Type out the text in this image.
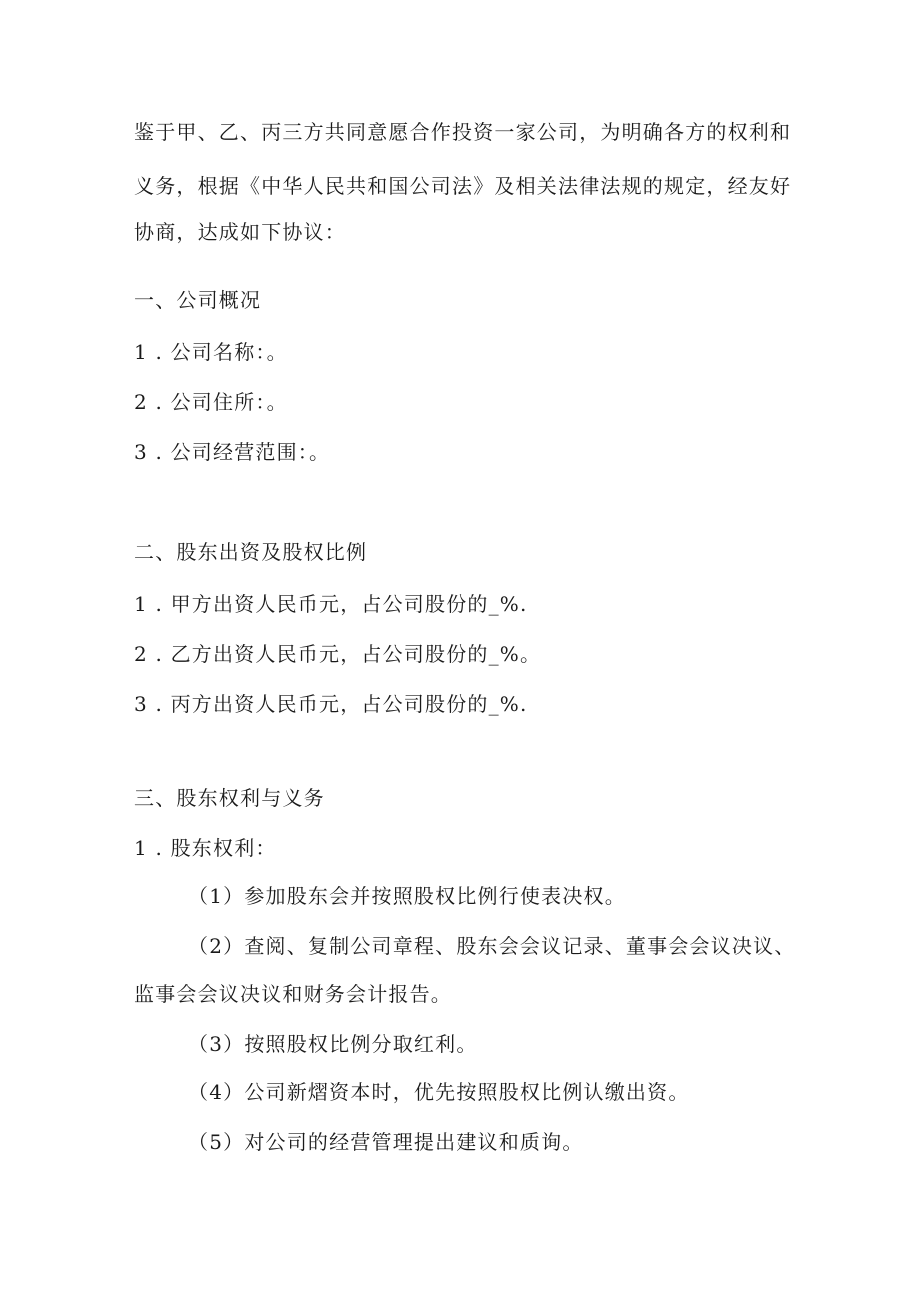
鉴于甲、乙、丙三方共同意愿合作投资一家公司，为明确各方的权利和
义务，根据《中华人民共和国公司法》及相关法律法规的规定，经友好
协商，达成如下协议：
一、公司概况
1 . 公司名称：。
2 . 公司住所：。
3 . 公司经营范围：。
二、股东出资及股权比例
1 . 甲方出资人民币元，占公司股份的_%.
2 . 乙方出资人民币元，占公司股份的_%。
3 . 丙方出资人民币元，占公司股份的_%.
三、股东权利与义务
1 . 股东权利：
（1）参加股东会并按照股权比例行使表决权。
（2）查阅、复制公司章程、股东会会议记录、董事会会议决议、
监事会会议决议和财务会计报告。
（3）按照股权比例分取红利。
（4）公司新熠资本时，优先按照股权比例认缴出资。
（5）对公司的经营管理提出建议和质询。
